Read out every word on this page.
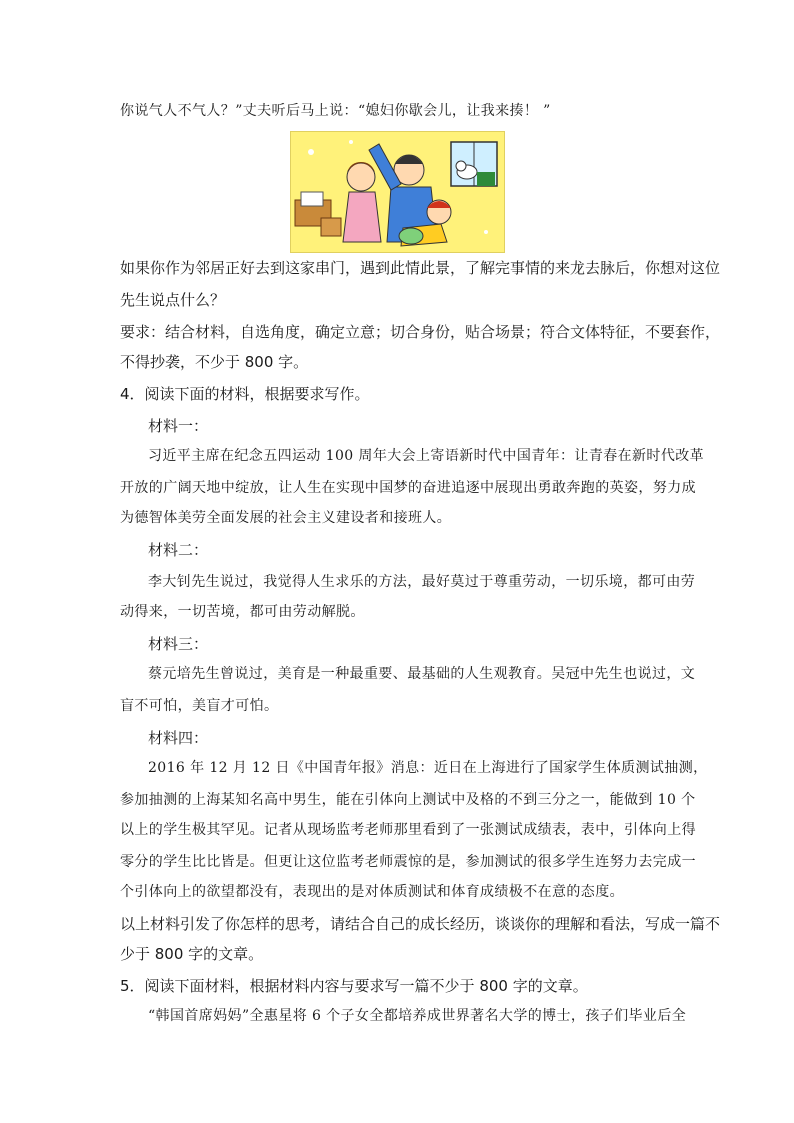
你说气人不气人？”丈夫听后马上说：“媳妇你歇会儿，让我来揍！ ”
如果你作为邻居正好去到这家串门，遇到此情此景，了解完事情的来龙去脉后，你想对这位
先生说点什么？
要求：结合材料，自选角度，确定立意；切合身份，贴合场景；符合文体特征，不要套作，
不得抄袭，不少于 800 字。
4．阅读下面的材料，根据要求写作。
材料一：
习近平主席在纪念五四运动 100 周年大会上寄语新时代中国青年：让青春在新时代改革
开放的广阔天地中绽放，让人生在实现中国梦的奋进追逐中展现出勇敢奔跑的英姿，努力成
为德智体美劳全面发展的社会主义建设者和接班人。
材料二：
李大钊先生说过，我觉得人生求乐的方法，最好莫过于尊重劳动，一切乐境，都可由劳
动得来，一切苦境，都可由劳动解脱。
材料三：
蔡元培先生曾说过，美育是一种最重要、最基础的人生观教育。吴冠中先生也说过，文
盲不可怕，美盲才可怕。
材料四：
2016 年 12 月 12 日《中国青年报》消息：近日在上海进行了国家学生体质测试抽测，
参加抽测的上海某知名高中男生，能在引体向上测试中及格的不到三分之一，能做到 10 个
以上的学生极其罕见。记者从现场监考老师那里看到了一张测试成绩表，表中，引体向上得
零分的学生比比皆是。但更让这位监考老师震惊的是，参加测试的很多学生连努力去完成一
个引体向上的欲望都没有，表现出的是对体质测试和体育成绩极不在意的态度。
以上材料引发了你怎样的思考，请结合自己的成长经历，谈谈你的理解和看法，写成一篇不
少于 800 字的文章。
5．阅读下面材料，根据材料内容与要求写一篇不少于 800 字的文章。
“韩国首席妈妈”全惠星将 6 个子女全都培养成世界著名大学的博士，孩子们毕业后全
